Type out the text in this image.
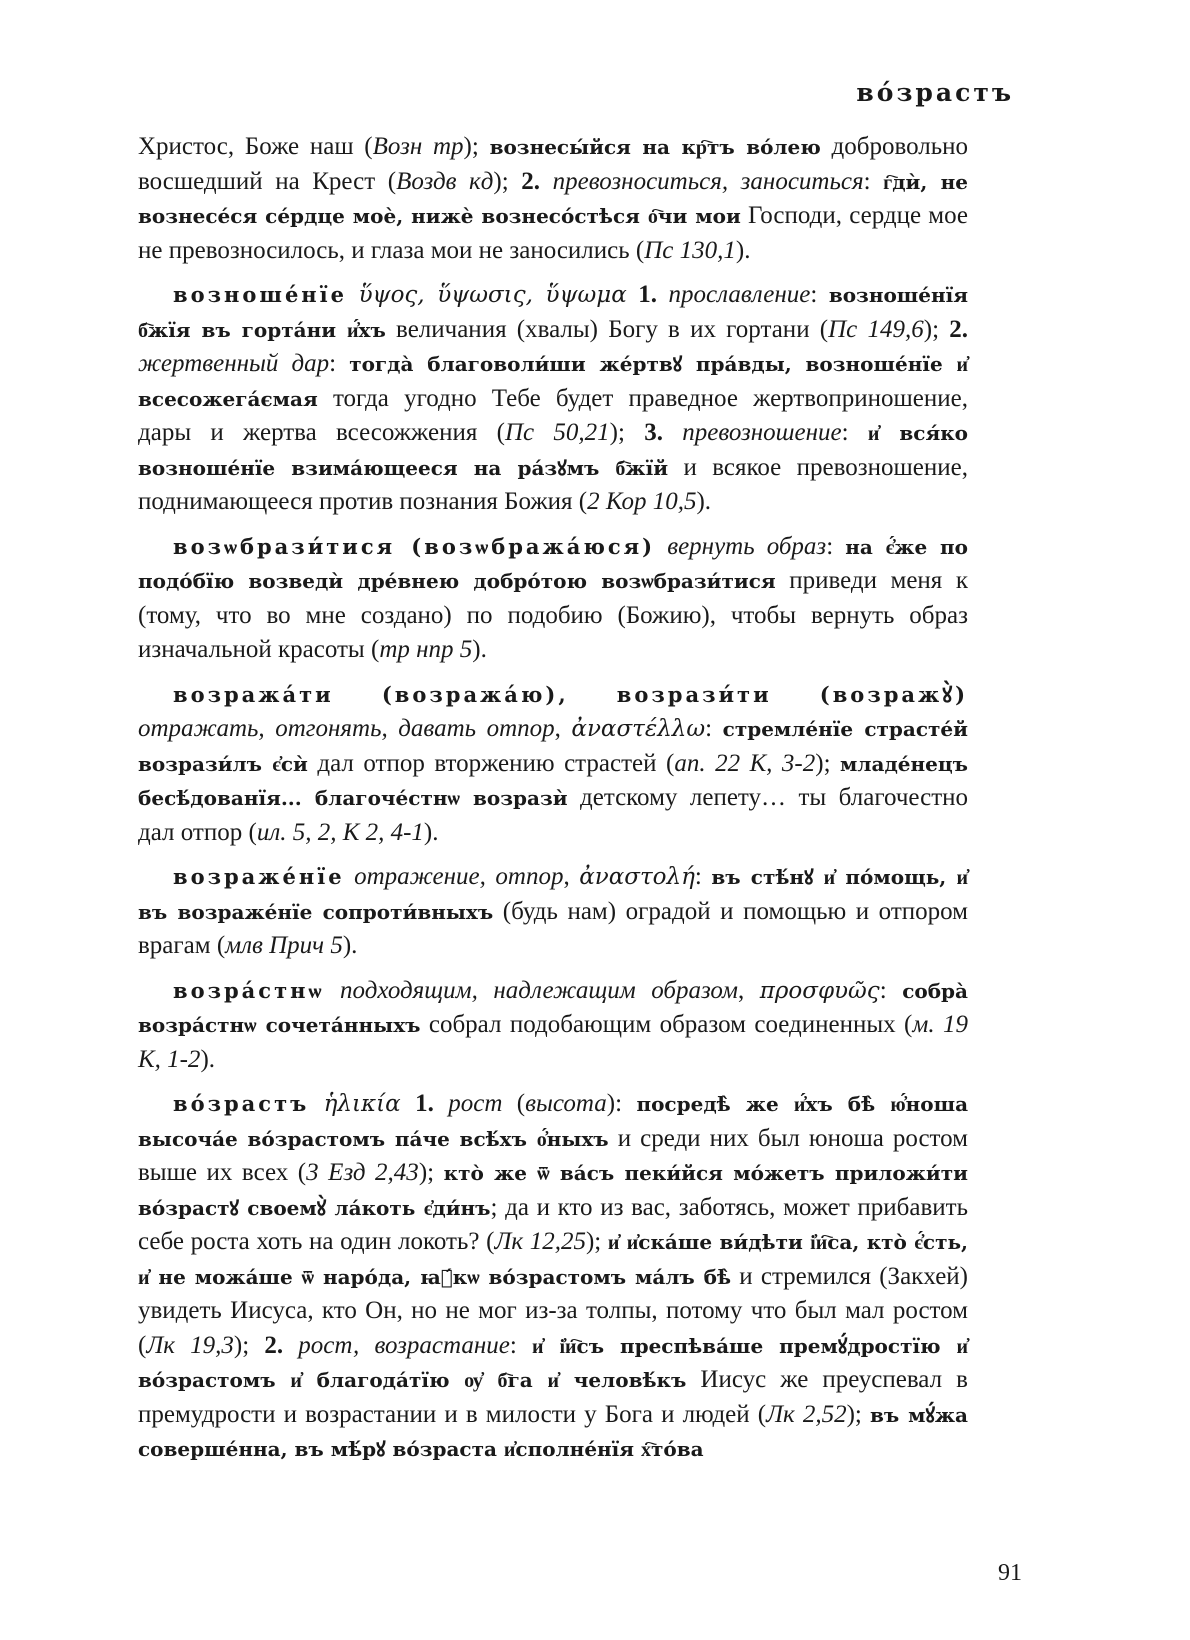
во́зрастъ

Христос, Боже наш (Возн тр); вознесы́йся на кр҇тъ во́лею добровольно восшедший на Крест (Воздв кд); 2. превозноситься, заноситься: г҇дѝ, не вознесе́ся се́рдце моѐ, нижѐ вознесо́стѣся о҇чи мои Господи, сердце мое не превозносилось, и глаза мои не заносились (Пс 130,1).

возноше́нїе ὕψος, ὕψωσις, ὕψωμα 1. прославление: возноше́нїя б҇жїя въ горта́ни и҆́хъ величания (хвалы) Богу в их гортани (Пс 149,6); 2. жертвенный дар: тогда̀ благоволи́ши же́ртвꙋ пра́вды, возноше́нїе и҆ всесожега́ємая тогда угодно Тебе будет праведное жертвоприношение, дары и жертва всесожжения (Пс 50,21); 3. превозношение: и҆ вся́ко возноше́нїе взима́ющееся на ра́зꙋмъ б҇жїй и всякое превозношение, поднимающееся против познания Божия (2 Кор 10,5).

возѡбрази́тися (возѡбража́юся) вернуть образ: на є҆́же по подо́бїю возведѝ дре́внею добро́тою возѡбрази́тися приведи меня к (тому, что во мне создано) по подобию (Божию), чтобы вернуть образ изначальной красоты (тр нпр 5).

возража́ти (возража́ю), возрази́ти (возражꙋ̀) отражать, отгонять, давать отпор, ἀναστέλλω: стремле́нїе страсте́й возрази́лъ є҆сѝ дал отпор вторжению страстей (ап. 22 К, 3-2); младе́нецъ бесѣ́дованїя... благоче́стнѡ возразѝ детскому лепету… ты благочестно дал отпор (ил. 5, 2, К 2, 4-1).

возраже́нїе отражение, отпор, ἀναστολή: въ стѣ́нꙋ и҆ по́мощь, и҆ въ возраже́нїе сопроти́вныхъ (будь нам) оградой и помощью и отпором врагам (млв Прич 5).

возра́стнѡ подходящим, надлежащим образом, προσφυῶς: собра̀ возра́стнѡ сочета́нныхъ собрал подобающим образом соединенных (м. 19 К, 1-2).

во́зрастъ ἡλικία 1. рост (высота): посредѣ̀ же и҆́хъ бѣ̀ ю҆́ноша высоча́е во́зрастомъ па́че всѣ́хъ о҆́ныхъ и среди них был юноша ростом выше их всех (3 Езд 2,43); кто̀ же ѿ ва́съ пеки́йся мо́жетъ приложи́ти во́зрастꙋ своемꙋ̀ ла́коть є҆ди́нъ; да и кто из вас, заботясь, может прибавить себе роста хоть на один локоть? (Лк 12,25); и҆ и҆ска́ше ви́дѣти і҆и҇са, кто̀ є҆́сть, и҆ не можа́ше ѿ наро́да, ꙗ҆́кѡ во́зрастомъ ма́лъ бѣ̀ и стремился (Закхей) увидеть Иисуса, кто Он, но не мог из-за толпы, потому что был мал ростом (Лк 19,3); 2. рост, возрастание: и҆ і҆и҇съ преспѣва́ше премꙋ́дростїю и҆ во́зрастомъ и҆ благода́тїю ѹ҆ б҇га и҆ человѣ́къ Иисус же преуспевал в премудрости и возрастании и в милости у Бога и людей (Лк 2,52); въ мꙋ́жа соверше́нна, въ мѣ́рꙋ во́зраста и҆сполне́нїя х҇то́ва

91
